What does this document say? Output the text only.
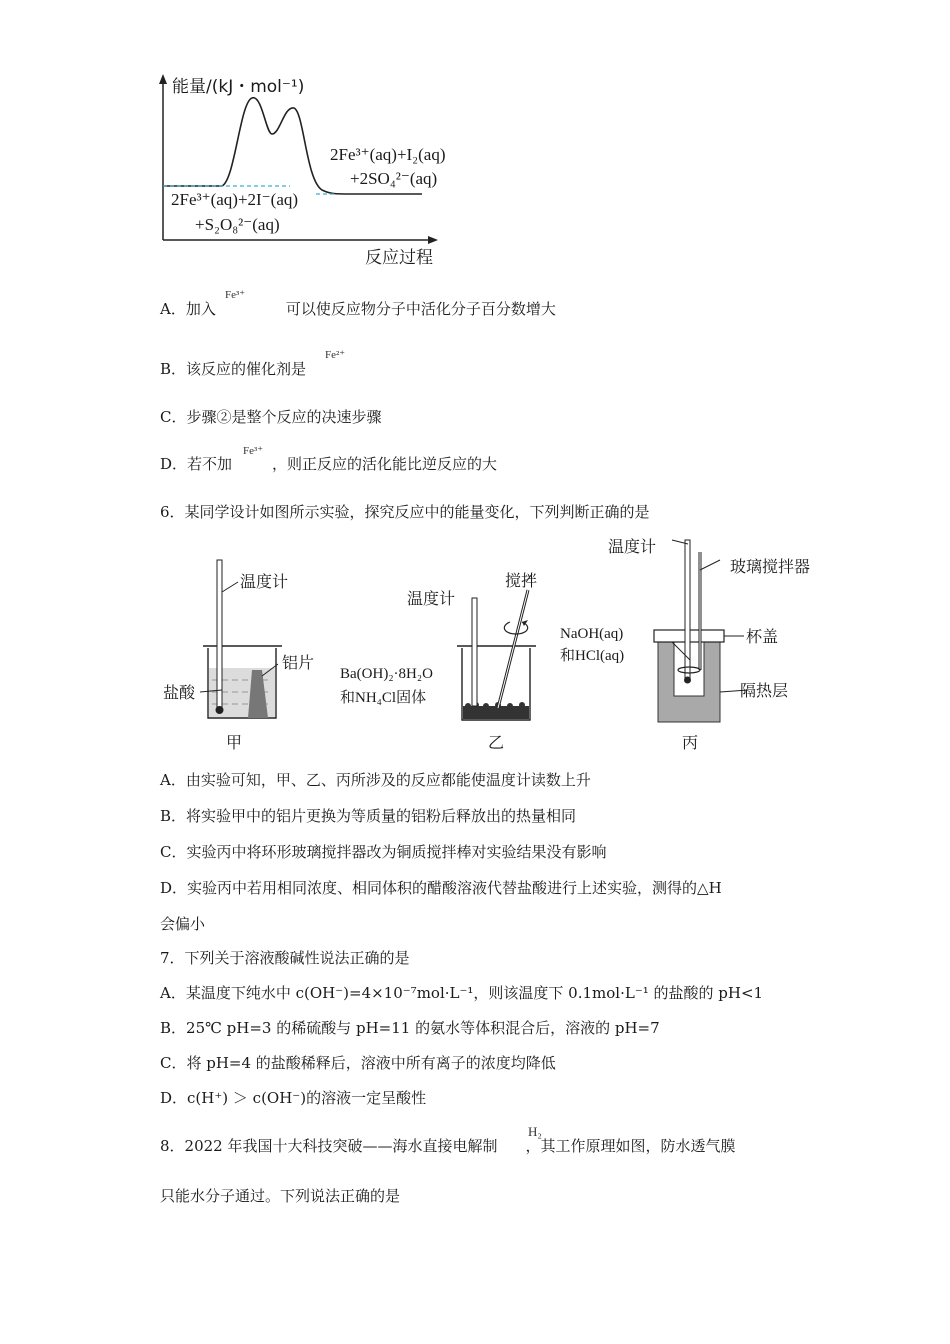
能量/(kJ・mol⁻¹)
反应过程
2Fe³⁺(aq)+I₂(aq)
+2SO₄²⁻(aq)
2Fe³⁺(aq)+2I⁻(aq)
+S₂O₈²⁻(aq)
A．加入	可以使反应物分子中活化分子百分数增大
Fe³⁺
B．该反应的催化剂是
Fe²⁺
C．步骤②是整个反应的决速步骤
D．若不加	，则正反应的活化能比逆反应的大
Fe³⁺
6．某同学设计如图所示实验，探究反应中的能量变化，下列判断正确的是
温度计
铝片
盐酸
甲
温度计
搅拌
Ba(OH)₂·8H₂O
和NH₄Cl固体
乙
温度计
玻璃搅拌器
NaOH(aq)
和HCl(aq)
杯盖
隔热层
丙
A．由实验可知，甲、乙、丙所涉及的反应都能使温度计读数上升
B．将实验甲中的铝片更换为等质量的铝粉后释放出的热量相同
C．实验丙中将环形玻璃搅拌器改为铜质搅拌棒对实验结果没有影响
D．实验丙中若用相同浓度、相同体积的醋酸溶液代替盐酸进行上述实验，测得的△H
会偏小
7．下列关于溶液酸碱性说法正确的是
A．某温度下纯水中 c(OH⁻)=4×10⁻⁷mol·L⁻¹，则该温度下 0.1mol·L⁻¹ 的盐酸的 pH<1
B．25℃ pH=3 的稀硫酸与 pH=11 的氨水等体积混合后，溶液的 pH=7
C．将 pH=4 的盐酸稀释后，溶液中所有离子的浓度均降低
D．c(H⁺) ＞ c(OH⁻)的溶液一定呈酸性
8．2022 年我国十大科技突破——海水直接电解制 ，其工作原理如图，防水透气膜
H₂
只能水分子通过。下列说法正确的是
